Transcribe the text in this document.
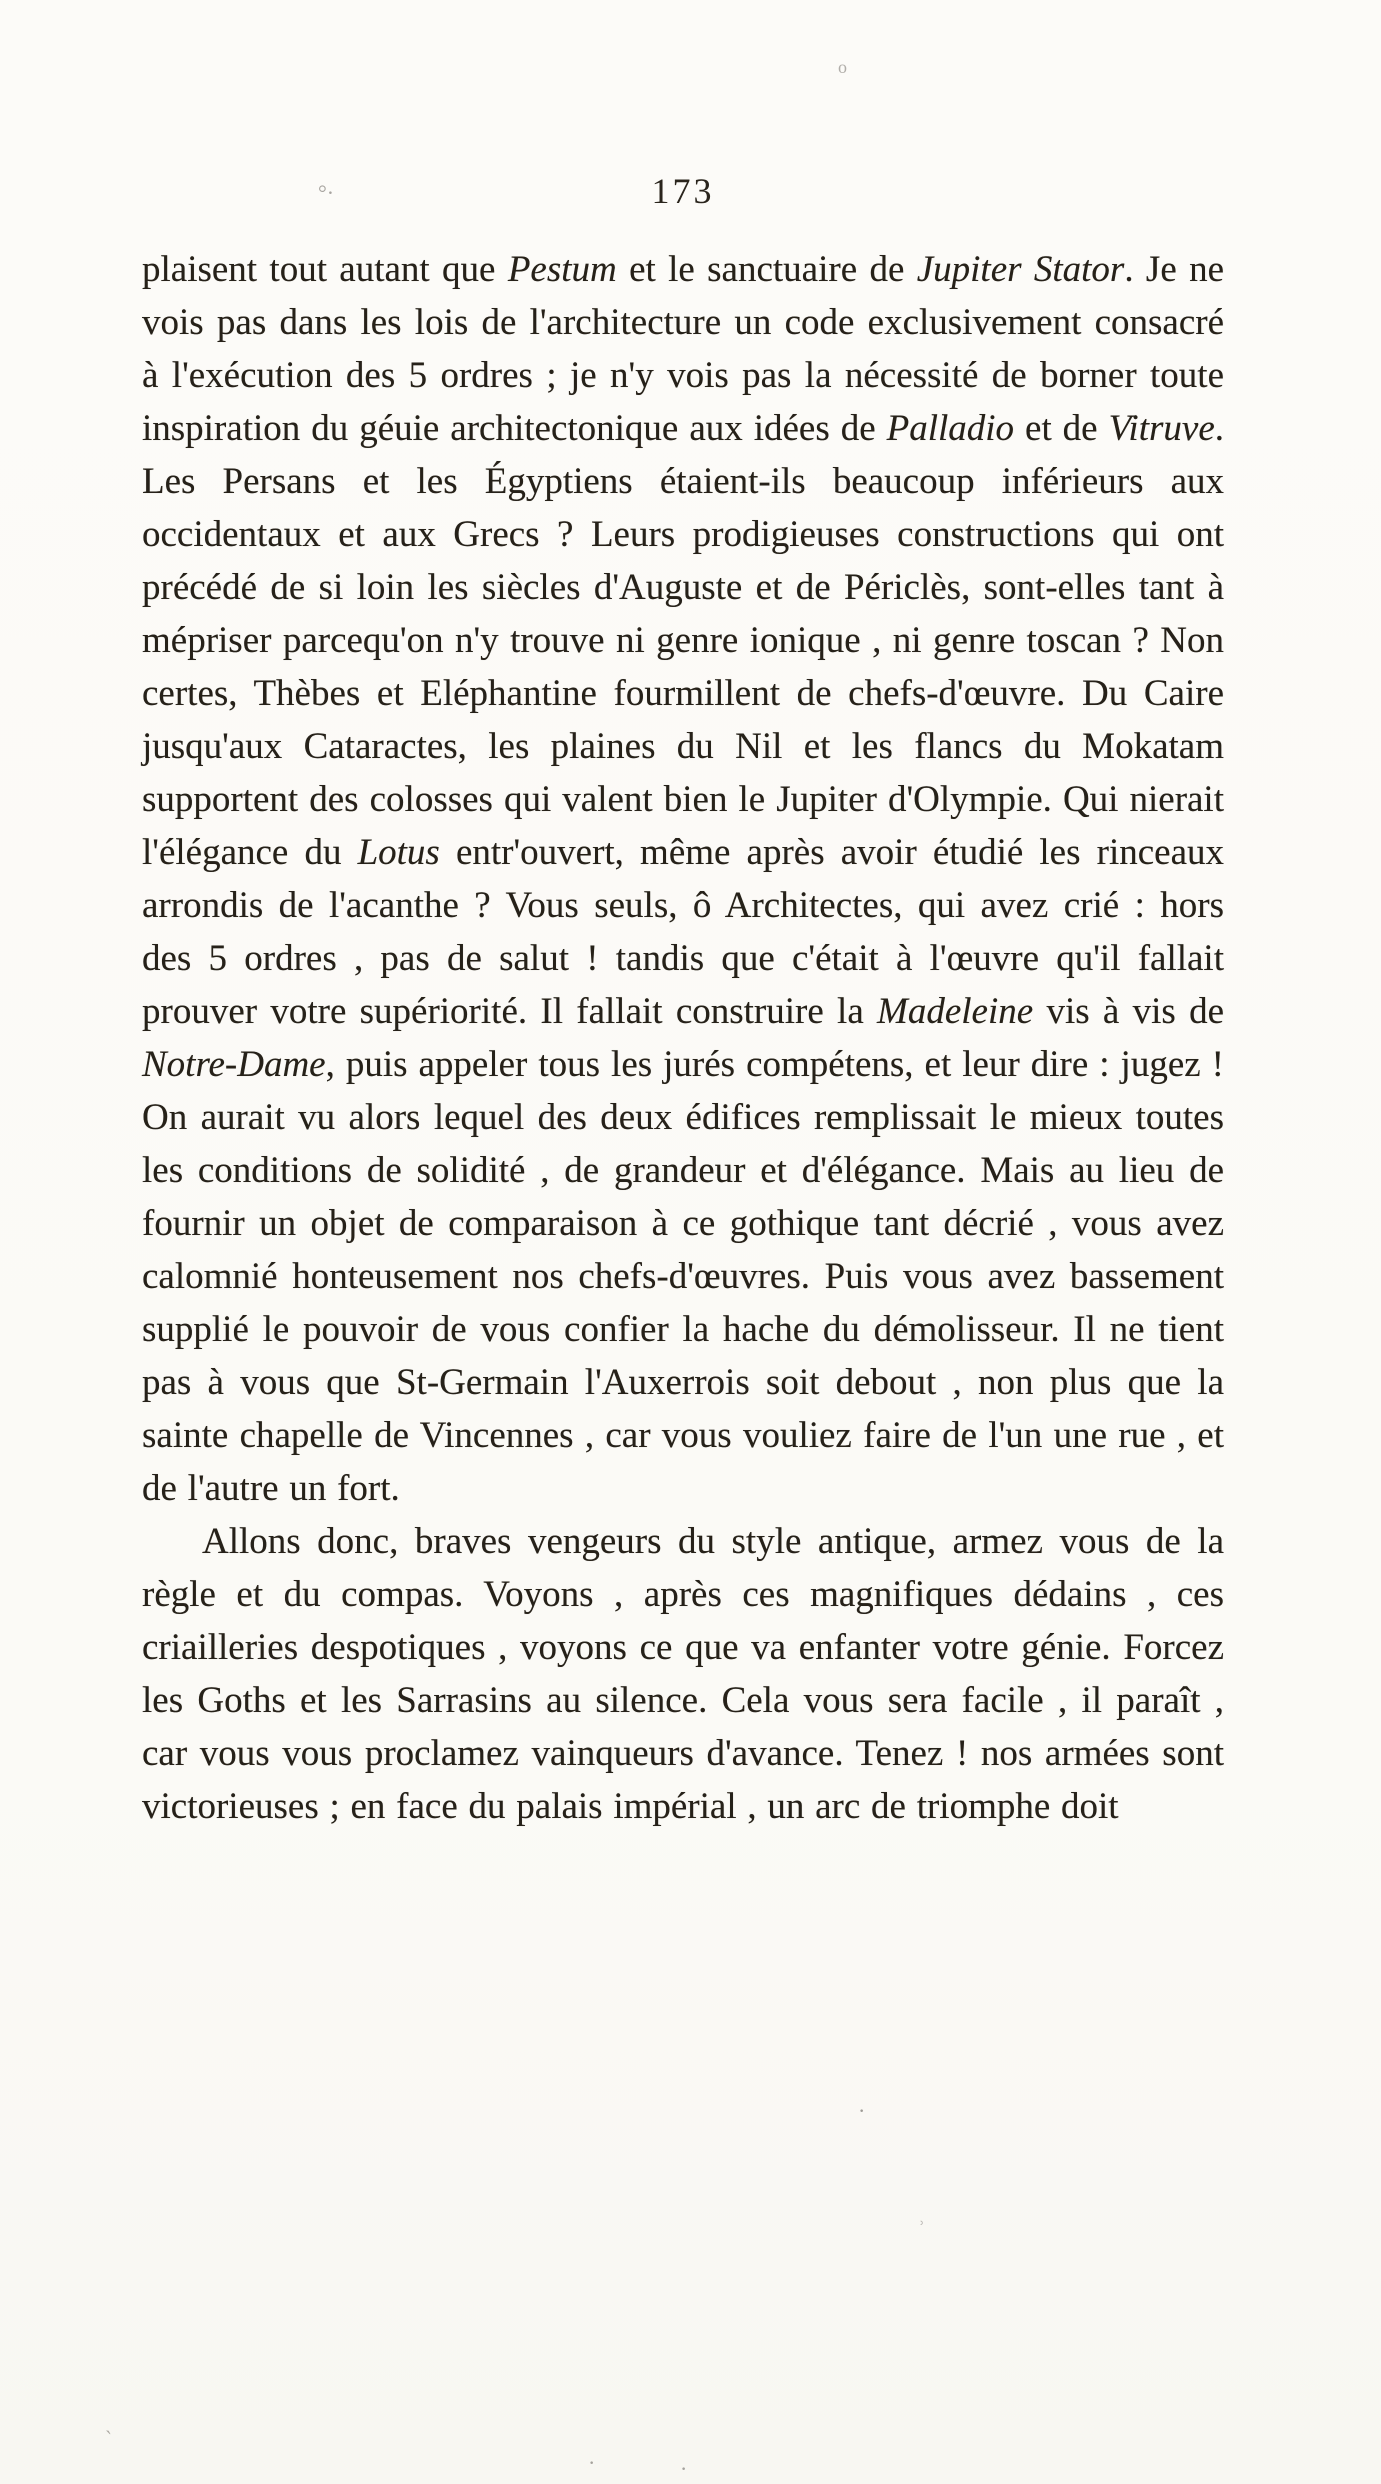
173

plaisent tout autant que Pestum et le sanctuaire de Jupiter Stator. Je ne vois pas dans les lois de l'architecture un code exclusivement consacré à l'exécution des 5 ordres ; je n'y vois pas la nécessité de borner toute inspiration du géuie architectonique aux idées de Palladio et de Vitruve. Les Persans et les Égyptiens étaient-ils beaucoup inférieurs aux occidentaux et aux Grecs ? Leurs prodigieuses constructions qui ont précédé de si loin les siècles d'Auguste et de Périclès, sont-elles tant à mépriser parcequ'on n'y trouve ni genre ionique , ni genre toscan ? Non certes, Thèbes et Eléphantine fourmillent de chefs-d'œuvre. Du Caire jusqu'aux Cataractes, les plaines du Nil et les flancs du Mokatam supportent des colosses qui valent bien le Jupiter d'Olympie. Qui nierait l'élégance du Lotus entr'ouvert, même après avoir étudié les rinceaux arrondis de l'acanthe ? Vous seuls, ô Architectes, qui avez crié : hors des 5 ordres , pas de salut ! tandis que c'était à l'œuvre qu'il fallait prouver votre supériorité. Il fallait construire la Madeleine vis à vis de Notre-Dame, puis appeler tous les jurés compétens, et leur dire : jugez ! On aurait vu alors lequel des deux édifices remplissait le mieux toutes les conditions de solidité , de grandeur et d'élégance. Mais au lieu de fournir un objet de comparaison à ce gothique tant décrié , vous avez calomnié honteusement nos chefs-d'œuvres. Puis vous avez bassement supplié le pouvoir de vous confier la hache du démolisseur. Il ne tient pas à vous que St-Germain l'Auxerrois soit debout , non plus que la sainte chapelle de Vincennes , car vous vouliez faire de l'un une rue , et de l'autre un fort.

Allons donc, braves vengeurs du style antique, armez vous de la règle et du compas. Voyons , après ces magnifiques dédains , ces criailleries despotiques , voyons ce que va enfanter votre génie. Forcez les Goths et les Sarrasins au silence. Cela vous sera facile , il paraît , car vous vous proclamez vainqueurs d'avance. Tenez ! nos armées sont victorieuses ; en face du palais impérial , un arc de triomphe doit

°·
o
·
˒
`
· .
